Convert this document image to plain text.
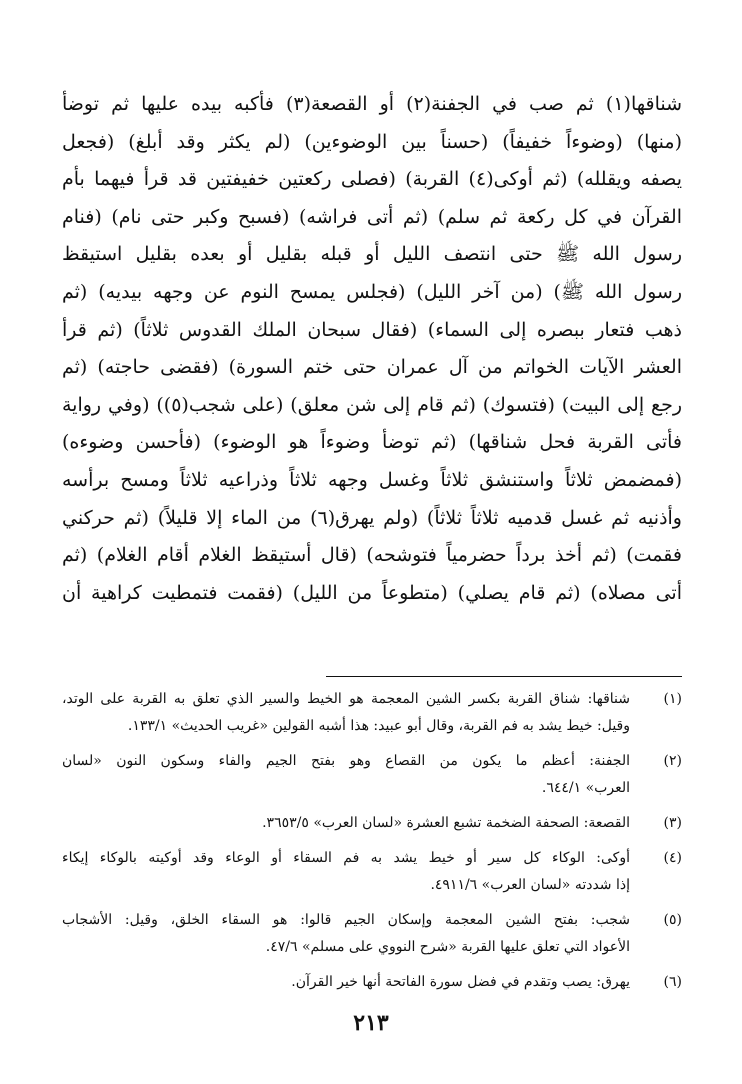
شناقها(١) ثم صب في الجفنة(٢) أو القصعة(٣) فأكبه بيده عليها ثم توضأ
(منها) (وضوءاً خفيفاً) (حسناً بين الوضوءين) (لم يكثر وقد أبلغ) (فجعل
يصفه ويقلله) (ثم أوكى(٤) القربة) (فصلى ركعتين خفيفتين قد قرأ فيهما بأم
القرآن في كل ركعة ثم سلم) (ثم أتى فراشه) (فسبح وكبر حتى نام) (فنام
رسول الله ﷺ حتى انتصف الليل أو قبله بقليل أو بعده بقليل استيقظ
رسول الله ﷺ) (من آخر الليل) (فجلس يمسح النوم عن وجهه بيديه) (ثم
ذهب فتعار ببصره إلى السماء) (فقال سبحان الملك القدوس ثلاثاً) (ثم قرأ
العشر الآيات الخواتم من آل عمران حتى ختم السورة) (فقضى حاجته) (ثم
رجع إلى البيت) (فتسوك) (ثم قام إلى شن معلق) (على شجب(٥)) (وفي رواية
فأتى القربة فحل شناقها) (ثم توضأ وضوءاً هو الوضوء) (فأحسن وضوءه)
(فمضمض ثلاثاً واستنشق ثلاثاً وغسل وجهه ثلاثاً وذراعيه ثلاثاً ومسح برأسه
وأذنيه ثم غسل قدميه ثلاثاً ثلاثاً) (ولم يهرق(٦) من الماء إلا قليلاً) (ثم حركني
فقمت) (ثم أخذ برداً حضرمياً فتوشحه) (قال أستيقظ الغلام أقام الغلام) (ثم
أتى مصلاه) (ثم قام يصلي) (متطوعاً من الليل) (فقمت فتمطيت كراهية أن
(١)
شناقها: شناق القربة بكسر الشين المعجمة هو الخيط والسير الذي تعلق به القربة على الوتد،
وقيل: خيط يشد به فم القربة، وقال أبو عبيد: هذا أشبه القولين «غريب الحديث» ١٣٣/١.
(٢)
الجفنة: أعظم ما يكون من القصاع وهو بفتح الجيم والفاء وسكون النون «لسان
العرب» ٦٤٤/١.
(٣)
القصعة: الصحفة الضخمة تشبع العشرة «لسان العرب» ٣٦٥٣/٥.
(٤)
أوكى: الوكاء كل سير أو خيط يشد به فم السقاء أو الوعاء وقد أوكيته بالوكاء إيكاء
إذا شددته «لسان العرب» ٤٩١١/٦.
(٥)
شجب: بفتح الشين المعجمة وإسكان الجيم قالوا: هو السقاء الخلق، وقيل: الأشجاب
الأعواد التي تعلق عليها القربة «شرح النووي على مسلم» ٤٧/٦.
(٦)
يهرق: يصب وتقدم في فضل سورة الفاتحة أنها خير القرآن.
٢١٣
